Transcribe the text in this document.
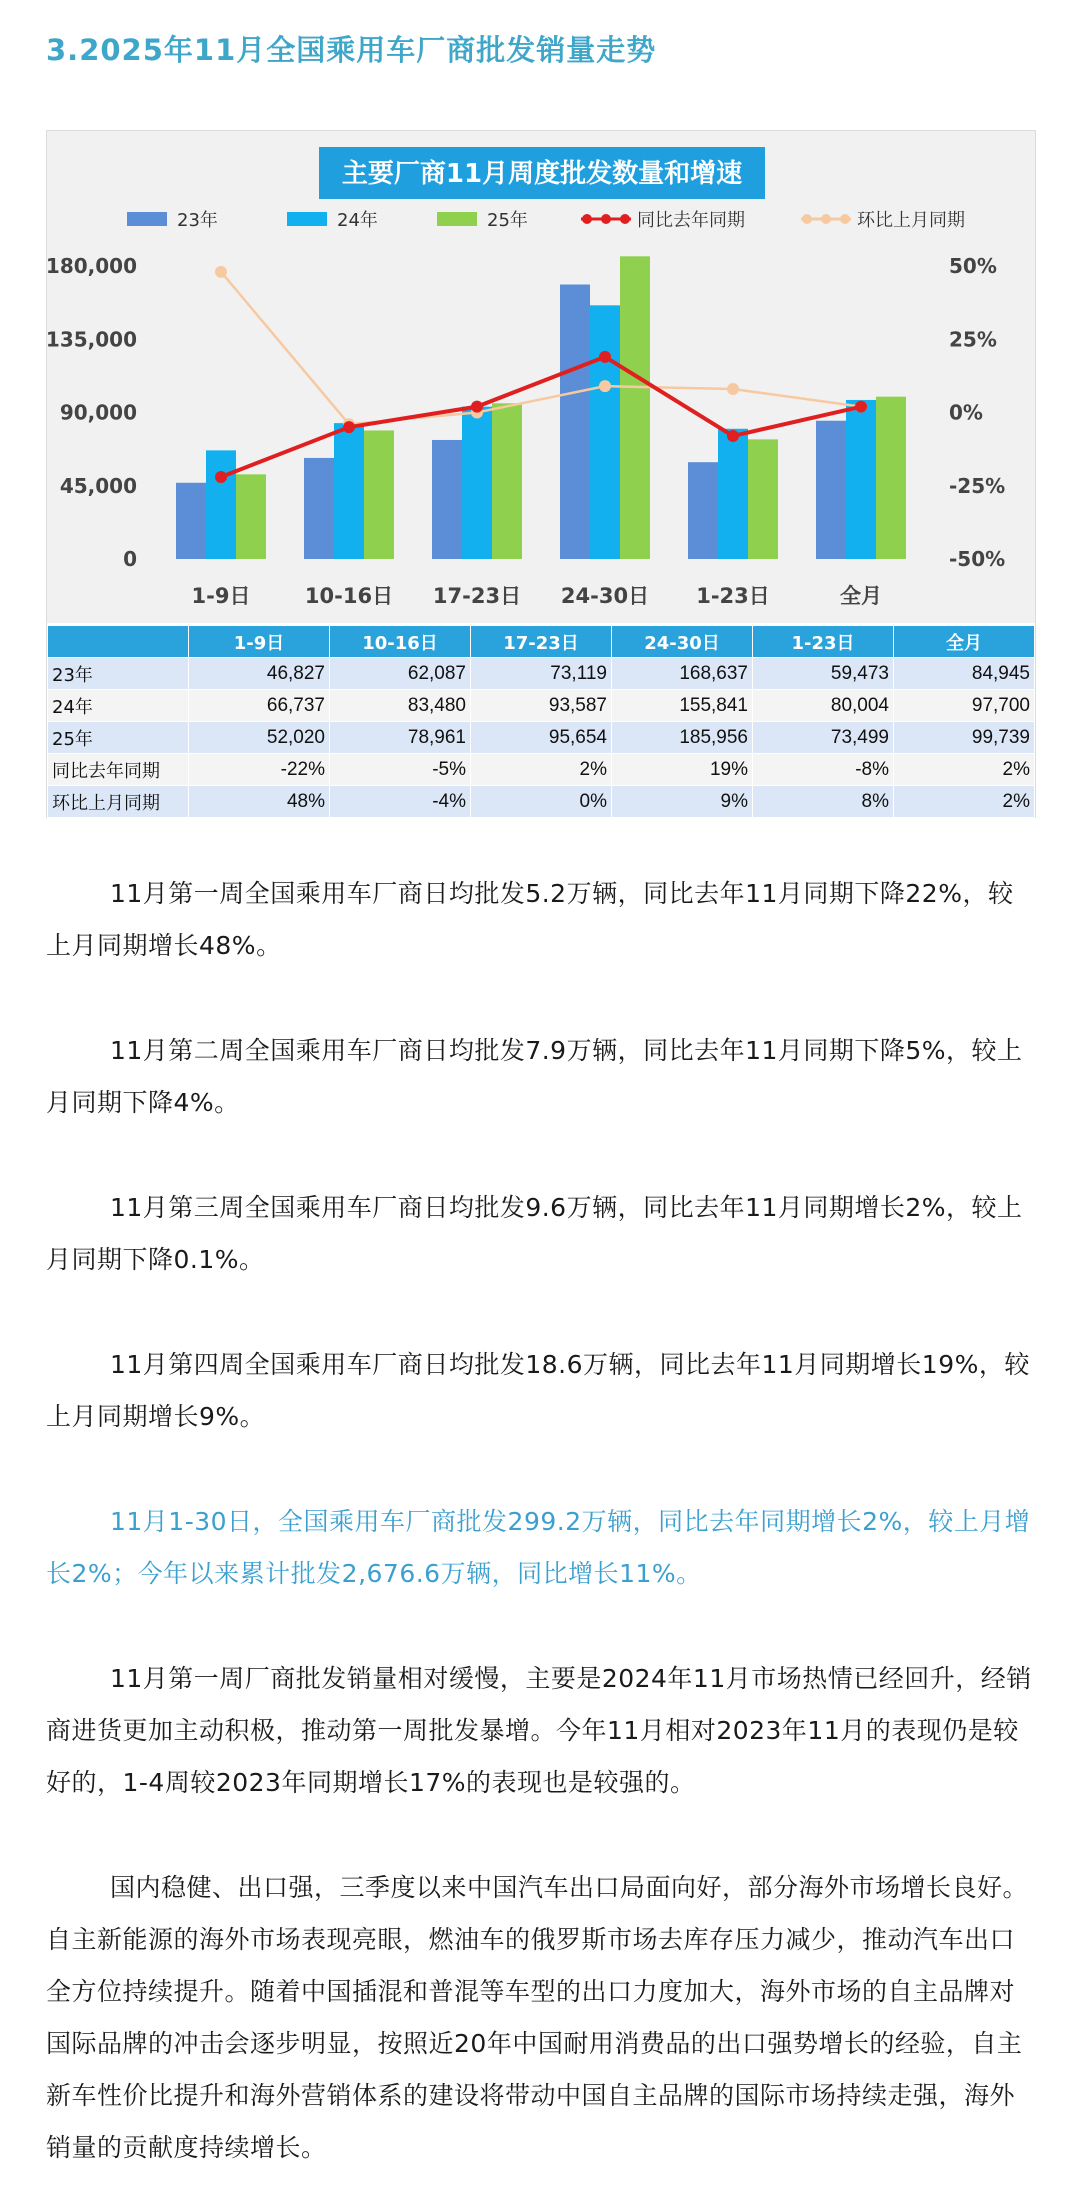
3.2025年11月全国乘用车厂商批发销量走势
主要厂商11月周度批发数量和增速
23年	24年	25年	同比去年同期	环比上月同期
180,000
135,000
90,000
45,000
0
50%
25%
0%
-25%
-50%
1-9日	10-16日 17-23日 24-30日 1-23日	全月
	1-9日	10-16日	17-23日	24-30日	1-23日	全月
23年	46,827	62,087	73,119	168,637	59,473	84,945
24年	66,737	83,480	93,587	155,841	80,004	97,700
25年	52,020	78,961	95,654	185,956	73,499	99,739
同比去年同期	-22%	-5%	2%	19%	-8%	2%
环比上月同期	48%	-4%	0%	9%	8%	2%

11月第一周全国乘用车厂商日均批发5.2万辆，同比去年11月同期下降22%，较上月同期增长48%。

11月第二周全国乘用车厂商日均批发7.9万辆，同比去年11月同期下降5%，较上月同期下降4%。

11月第三周全国乘用车厂商日均批发9.6万辆，同比去年11月同期增长2%，较上月同期下降0.1%。

11月第四周全国乘用车厂商日均批发18.6万辆，同比去年11月同期增长19%，较上月同期增长9%。

11月1-30日，全国乘用车厂商批发299.2万辆，同比去年同期增长2%，较上月增长2%；今年以来累计批发2,676.6万辆，同比增长11%。

11月第一周厂商批发销量相对缓慢，主要是2024年11月市场热情已经回升，经销商进货更加主动积极，推动第一周批发暴增。今年11月相对2023年11月的表现仍是较好的，1-4周较2023年同期增长17%的表现也是较强的。

国内稳健、出口强，三季度以来中国汽车出口局面向好，部分海外市场增长良好。自主新能源的海外市场表现亮眼，燃油车的俄罗斯市场去库存压力减少，推动汽车出口全方位持续提升。随着中国插混和普混等车型的出口力度加大，海外市场的自主品牌对国际品牌的冲击会逐步明显，按照近20年中国耐用消费品的出口强势增长的经验，自主新车性价比提升和海外营销体系的建设将带动中国自主品牌的国际市场持续走强，海外销量的贡献度持续增长。
